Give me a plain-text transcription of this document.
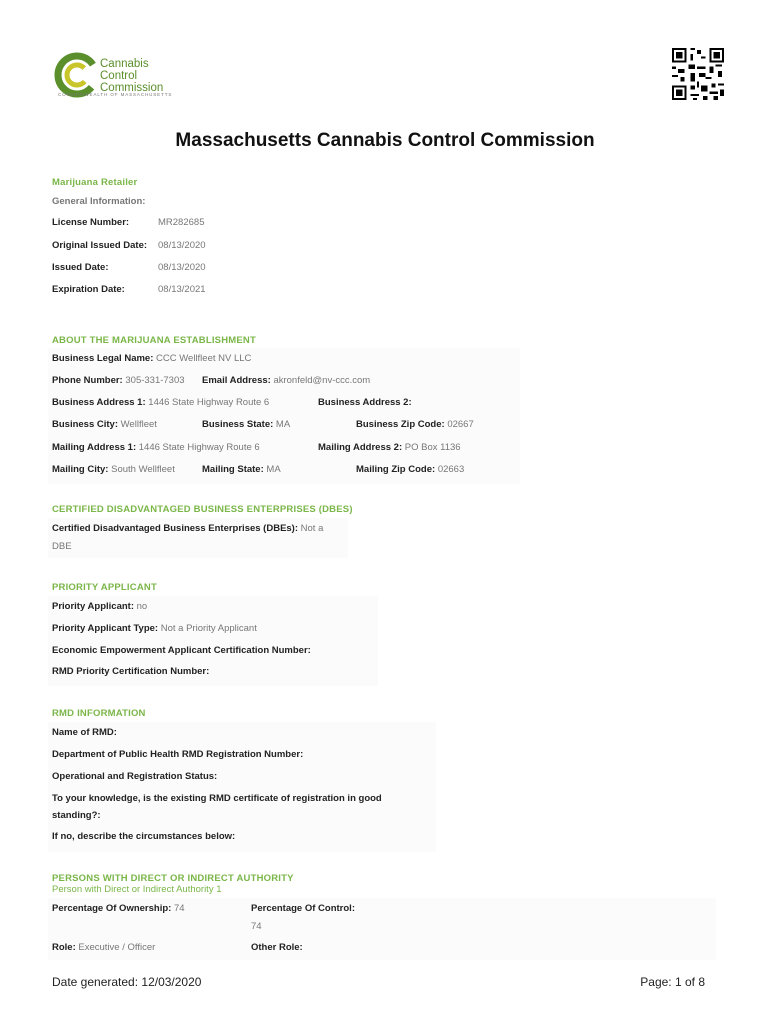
Cannabis
Control
Commission
COMMONWEALTH OF MASSACHUSETTS
Massachusetts Cannabis Control Commission
Marijuana Retailer
General Information:
License Number:	MR282685
Original Issued Date: 08/13/2020
Issued Date:	08/13/2020
Expiration Date:	08/13/2021
ABOUT THE MARIJUANA ESTABLISHMENT
Business Legal Name: CCC Wellfleet NV LLC
Phone Number: 305-331-7303 Email Address: akronfeld@nv-ccc.com
Business Address 1: 1446 State Highway Route 6	Business Address 2:
Business City: Wellfleet	Business State: MA	Business Zip Code: 02667
Mailing Address 1: 1446 State Highway Route 6	Mailing Address 2: PO Box 1136
Mailing City: South Wellfleet	Mailing State: MA	Mailing Zip Code: 02663
CERTIFIED DISADVANTAGED BUSINESS ENTERPRISES (DBES)
Certified Disadvantaged Business Enterprises (DBEs): Not a
DBE
PRIORITY APPLICANT
Priority Applicant: no
Priority Applicant Type: Not a Priority Applicant
Economic Empowerment Applicant Certification Number:
RMD Priority Certification Number:
RMD INFORMATION
Name of RMD:
Department of Public Health RMD Registration Number:
Operational and Registration Status:
To your knowledge, is the existing RMD certificate of registration in good
standing?:
If no, describe the circumstances below:
PERSONS WITH DIRECT OR INDIRECT AUTHORITY
Person with Direct or Indirect Authority 1
Percentage Of Ownership: 74	Percentage Of Control:
74
Role: Executive / Officer	Other Role:
Date generated: 12/03/2020	Page: 1 of 8
